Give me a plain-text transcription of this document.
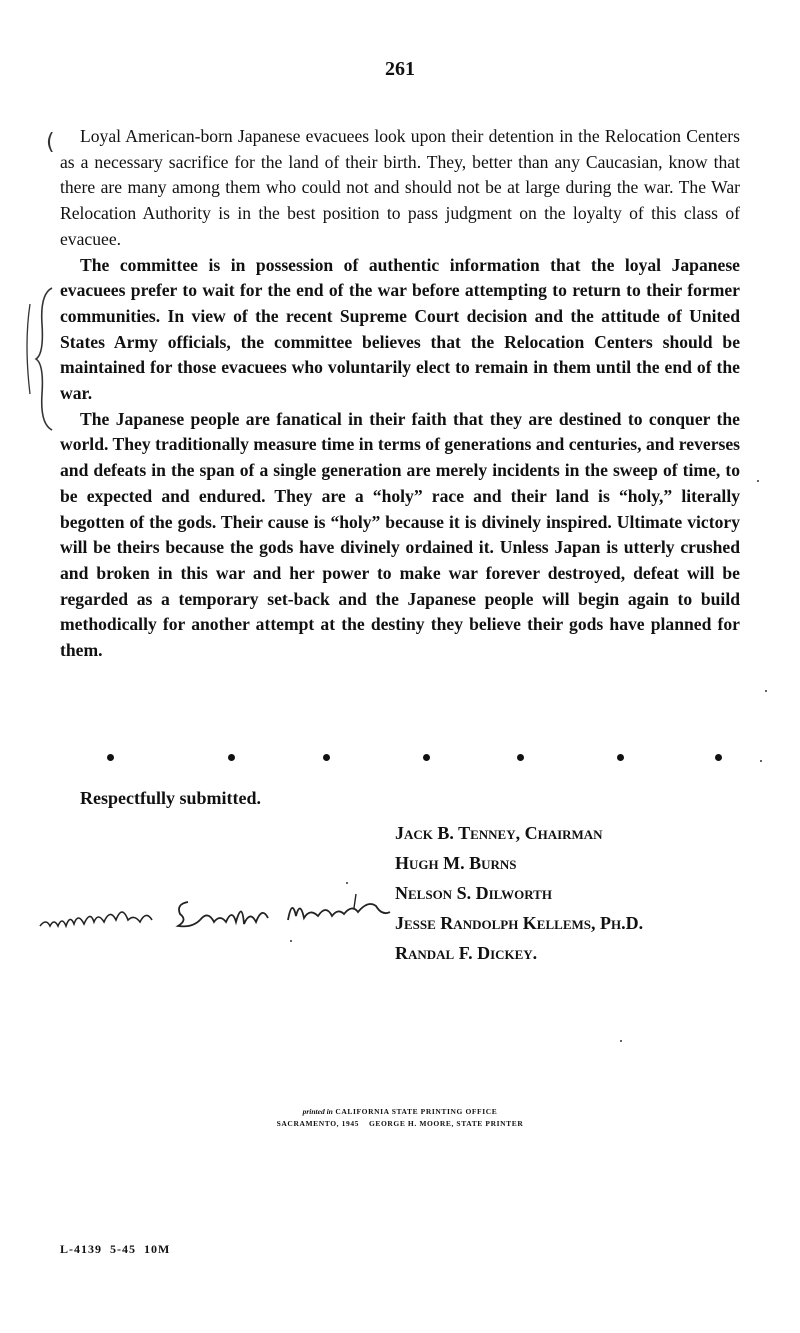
261
(	Loyal American-born Japanese evacuees look upon their detention in the Relocation Centers as a necessary sacrifice for the land of their birth. They, better than any Caucasian, know that there are many among them who could not and should not be at large during the war. The War Relocation Authority is in the best position to pass judgment on the loyalty of this class of evacuee.

The committee is in possession of authentic information that the loyal Japanese evacuees prefer to wait for the end of the war before attempting to return to their former communities. In view of the recent Supreme Court decision and the attitude of United States Army officials, the committee believes that the Relocation Centers should be maintained for those evacuees who voluntarily elect to remain in them until the end of the war.

The Japanese people are fanatical in their faith that they are destined to conquer the world. They traditionally measure time in terms of generations and centuries, and reverses and defeats in the span of a single generation are merely incidents in the sweep of time, to be expected and endured. They are a “holy” race and their land is “holy,” literally begotten of the gods. Their cause is “holy” because it is divinely inspired. Ultimate victory will be theirs because the gods have divinely ordained it. Unless Japan is utterly crushed and broken in this war and her power to make war forever destroyed, defeat will be regarded as a temporary set-back and the Japanese people will begin again to build methodically for another attempt at the destiny they believe their gods have planned for them.

Respectfully submitted.
Jack B. Tenney, Chairman
Hugh M. Burns
Nelson S. Dilworth
Jesse Randolph Kellems, Ph.D.
Randal F. Dickey.
printed in CALIFORNIA STATE PRINTING OFFICE
SACRAMENTO, 1945 GEORGE H. MOORE, STATE PRINTER
L-4139  5-45  10M
